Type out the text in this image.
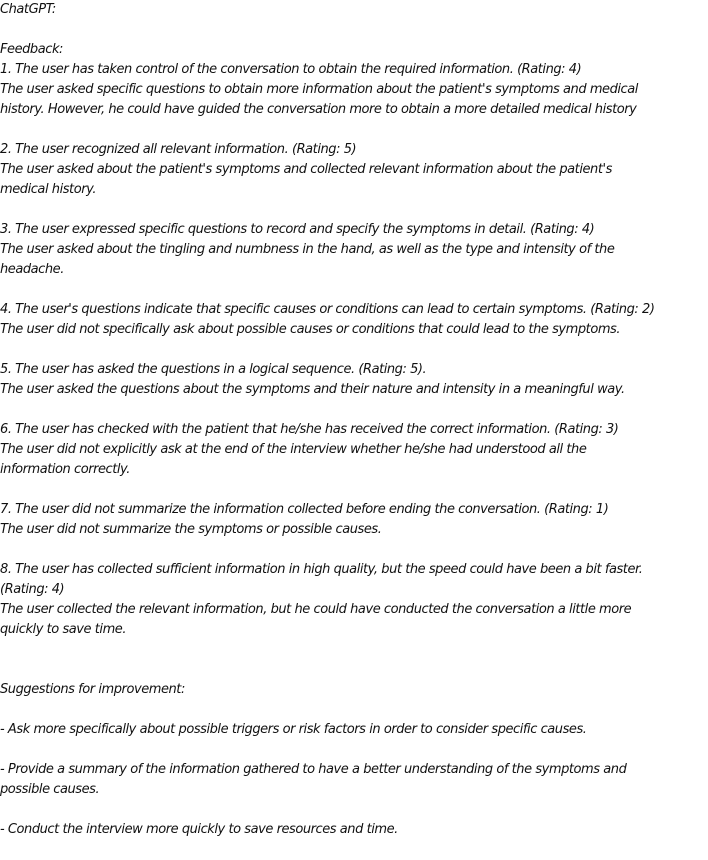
ChatGPT:
Feedback:
1. The user has taken control of the conversation to obtain the required information. (Rating: 4)
The user asked specific questions to obtain more information about the patient's symptoms and medical
history. However, he could have guided the conversation more to obtain a more detailed medical history
2. The user recognized all relevant information. (Rating: 5)
The user asked about the patient's symptoms and collected relevant information about the patient's
medical history.
3. The user expressed specific questions to record and specify the symptoms in detail. (Rating: 4)
The user asked about the tingling and numbness in the hand, as well as the type and intensity of the
headache.
4. The user's questions indicate that specific causes or conditions can lead to certain symptoms. (Rating: 2)
The user did not specifically ask about possible causes or conditions that could lead to the symptoms.
5. The user has asked the questions in a logical sequence. (Rating: 5).
The user asked the questions about the symptoms and their nature and intensity in a meaningful way.
6. The user has checked with the patient that he/she has received the correct information. (Rating: 3)
The user did not explicitly ask at the end of the interview whether he/she had understood all the
information correctly.
7. The user did not summarize the information collected before ending the conversation. (Rating: 1)
The user did not summarize the symptoms or possible causes.
8. The user has collected sufficient information in high quality, but the speed could have been a bit faster.
(Rating: 4)
The user collected the relevant information, but he could have conducted the conversation a little more
quickly to save time.
Suggestions for improvement:
- Ask more specifically about possible triggers or risk factors in order to consider specific causes.
- Provide a summary of the information gathered to have a better understanding of the symptoms and
possible causes.
- Conduct the interview more quickly to save resources and time.
